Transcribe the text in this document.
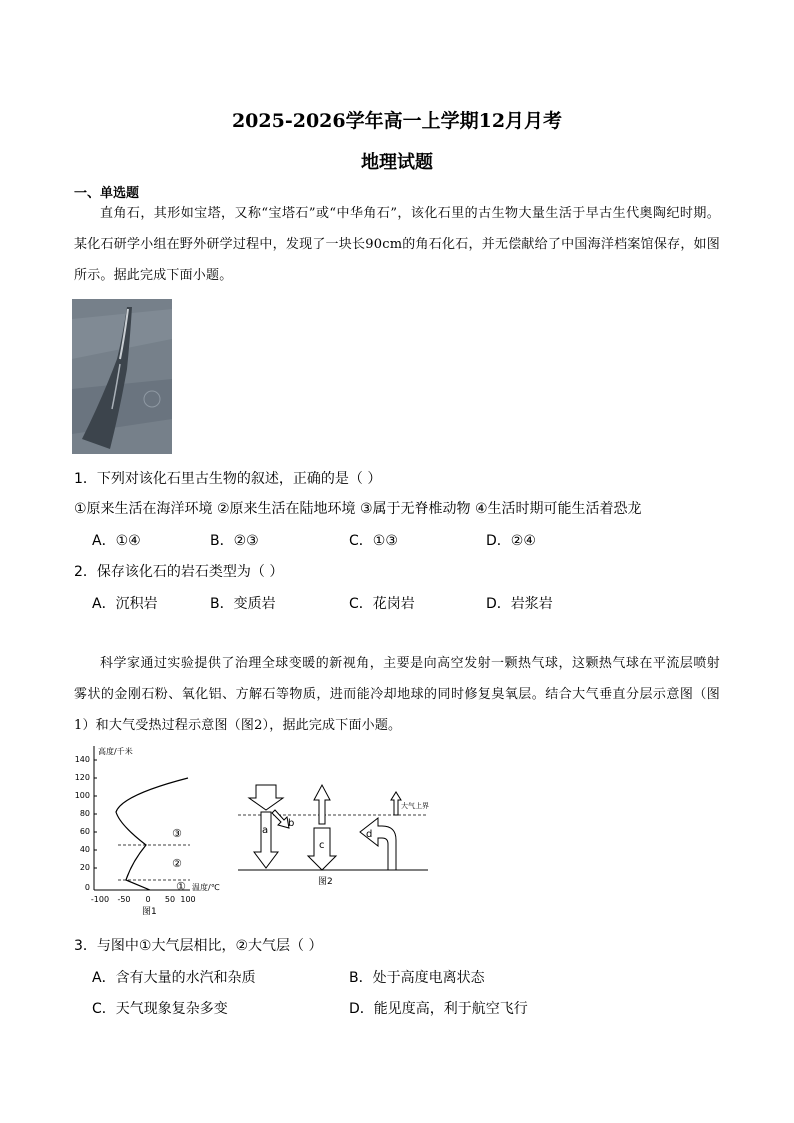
2025-2026学年高一上学期12月月考
地理试题
一、单选题
直角石，其形如宝塔，又称“宝塔石”或“中华角石”，该化石里的古生物大量生活于早古生代奥陶纪时期。某化石研学小组在野外研学过程中，发现了一块长90cm的角石化石，并无偿献给了中国海洋档案馆保存，如图所示。据此完成下面小题。
1．下列对该化石里古生物的叙述，正确的是（ ）
①原来生活在海洋环境 ②原来生活在陆地环境 ③属于无脊椎动物 ④生活时期可能生活着恐龙
A．①④	B．②③	C．①③	D．②④
2．保存该化石的岩石类型为（ ）
A．沉积岩	B．变质岩	C．花岗岩	D．岩浆岩
科学家通过实验提供了治理全球变暖的新视角，主要是向高空发射一颗热气球，这颗热气球在平流层喷射雾状的金刚石粉、氧化铝、方解石等物质，进而能冷却地球的同时修复臭氧层。结合大气垂直分层示意图（图1）和大气受热过程示意图（图2），据此完成下面小题。
高度/千米
140
120
100
80
60
40
20
0
-100 -50 0 50 100
图1
①
②
③
温度/℃
大气上界
图2
a
b
c
d
3．与图中①大气层相比，②大气层（ ）
A．含有大量的水汽和杂质	B．处于高度电离状态
C．天气现象复杂多变	D．能见度高，利于航空飞行
